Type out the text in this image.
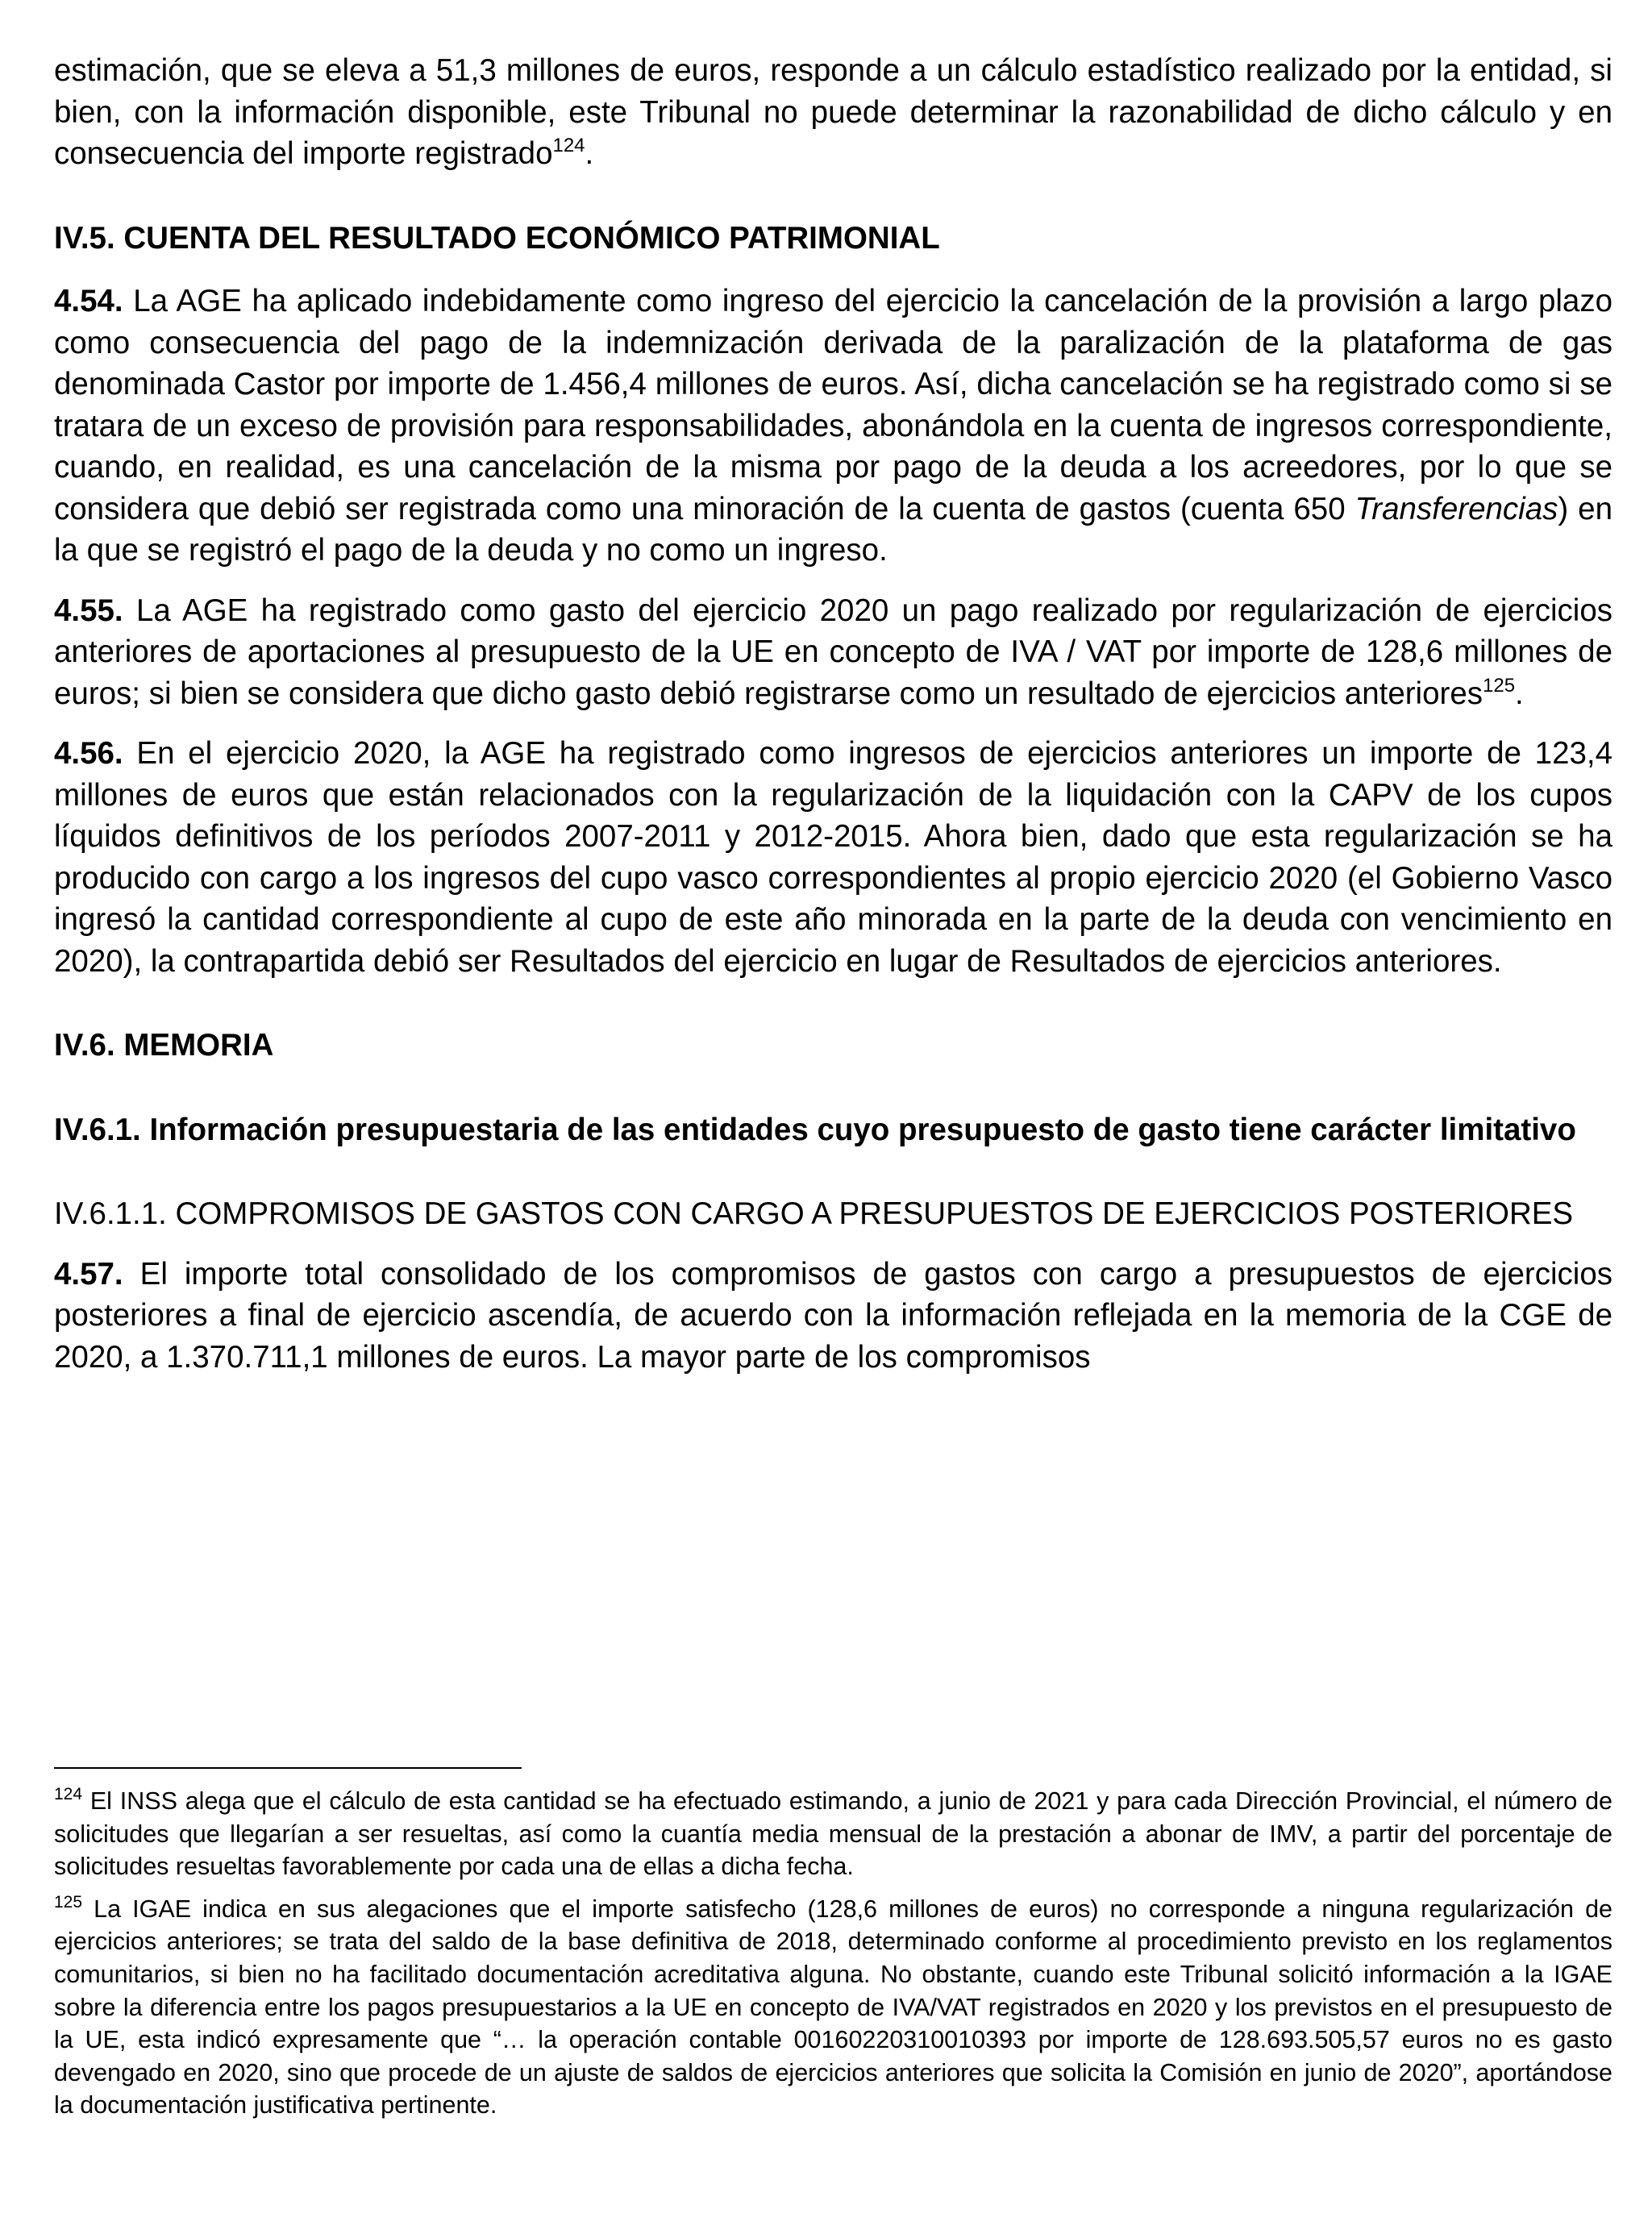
estimación, que se eleva a 51,3 millones de euros, responde a un cálculo estadístico realizado por la entidad, si bien, con la información disponible, este Tribunal no puede determinar la razonabilidad de dicho cálculo y en consecuencia del importe registrado$^{124}$.

IV.5. CUENTA DEL RESULTADO ECONÓMICO PATRIMONIAL

4.54. La AGE ha aplicado indebidamente como ingreso del ejercicio la cancelación de la provisión a largo plazo como consecuencia del pago de la indemnización derivada de la paralización de la plataforma de gas denominada Castor por importe de 1.456,4 millones de euros. Así, dicha cancelación se ha registrado como si se tratara de un exceso de provisión para responsabilidades, abonándola en la cuenta de ingresos correspondiente, cuando, en realidad, es una cancelación de la misma por pago de la deuda a los acreedores, por lo que se considera que debió ser registrada como una minoración de la cuenta de gastos (cuenta 650 Transferencias) en la que se registró el pago de la deuda y no como un ingreso.

4.55. La AGE ha registrado como gasto del ejercicio 2020 un pago realizado por regularización de ejercicios anteriores de aportaciones al presupuesto de la UE en concepto de IVA / VAT por importe de 128,6 millones de euros; si bien se considera que dicho gasto debió registrarse como un resultado de ejercicios anteriores$^{125}$.

4.56. En el ejercicio 2020, la AGE ha registrado como ingresos de ejercicios anteriores un importe de 123,4 millones de euros que están relacionados con la regularización de la liquidación con la CAPV de los cupos líquidos definitivos de los períodos 2007-2011 y 2012-2015. Ahora bien, dado que esta regularización se ha producido con cargo a los ingresos del cupo vasco correspondientes al propio ejercicio 2020 (el Gobierno Vasco ingresó la cantidad correspondiente al cupo de este año minorada en la parte de la deuda con vencimiento en 2020), la contrapartida debió ser Resultados del ejercicio en lugar de Resultados de ejercicios anteriores.

IV.6. MEMORIA

IV.6.1. Información presupuestaria de las entidades cuyo presupuesto de gasto tiene carácter limitativo

IV.6.1.1. COMPROMISOS DE GASTOS CON CARGO A PRESUPUESTOS DE EJERCICIOS POSTERIORES

4.57. El importe total consolidado de los compromisos de gastos con cargo a presupuestos de ejercicios posteriores a final de ejercicio ascendía, de acuerdo con la información reflejada en la memoria de la CGE de 2020, a 1.370.711,1 millones de euros. La mayor parte de los compromisos

$^{124}$ El INSS alega que el cálculo de esta cantidad se ha efectuado estimando, a junio de 2021 y para cada Dirección Provincial, el número de solicitudes que llegarían a ser resueltas, así como la cuantía media mensual de la prestación a abonar de IMV, a partir del porcentaje de solicitudes resueltas favorablemente por cada una de ellas a dicha fecha.

$^{125}$ La IGAE indica en sus alegaciones que el importe satisfecho (128,6 millones de euros) no corresponde a ninguna regularización de ejercicios anteriores; se trata del saldo de la base definitiva de 2018, determinado conforme al procedimiento previsto en los reglamentos comunitarios, si bien no ha facilitado documentación acreditativa alguna. No obstante, cuando este Tribunal solicitó información a la IGAE sobre la diferencia entre los pagos presupuestarios a la UE en concepto de IVA/VAT registrados en 2020 y los previstos en el presupuesto de la UE, esta indicó expresamente que “… la operación contable 00160220310010393 por importe de 128.693.505,57 euros no es gasto devengado en 2020, sino que procede de un ajuste de saldos de ejercicios anteriores que solicita la Comisión en junio de 2020”, aportándose la documentación justificativa pertinente.
